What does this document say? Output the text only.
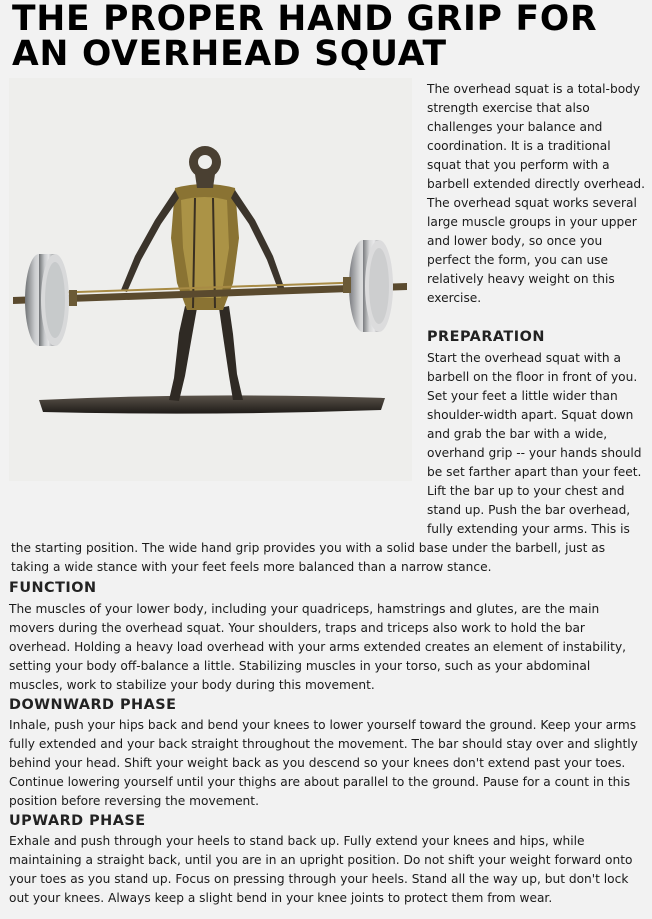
THE PROPER HAND GRIP FOR AN OVERHEAD SQUAT

The overhead squat is a total-body strength exercise that also challenges your balance and coordination. It is a traditional squat that you perform with a barbell extended directly overhead. The overhead squat works several large muscle groups in your upper and lower body, so once you perfect the form, you can use relatively heavy weight on this exercise.

PREPARATION

Start the overhead squat with a barbell on the floor in front of you. Set your feet a little wider than shoulder-width apart. Squat down and grab the bar with a wide, overhand grip -- your hands should be set farther apart than your feet. Lift the bar up to your chest and stand up. Push the bar overhead, fully extending your arms. This is the starting position. The wide hand grip provides you with a solid base under the barbell, just as taking a wide stance with your feet feels more balanced than a narrow stance.

FUNCTION

The muscles of your lower body, including your quadriceps, hamstrings and glutes, are the main movers during the overhead squat. Your shoulders, traps and triceps also work to hold the bar overhead. Holding a heavy load overhead with your arms extended creates an element of instability, setting your body off-balance a little. Stabilizing muscles in your torso, such as your abdominal muscles, work to stabilize your body during this movement.

DOWNWARD PHASE

Inhale, push your hips back and bend your knees to lower yourself toward the ground. Keep your arms fully extended and your back straight throughout the movement. The bar should stay over and slightly behind your head. Shift your weight back as you descend so your knees don't extend past your toes. Continue lowering yourself until your thighs are about parallel to the ground. Pause for a count in this position before reversing the movement.

UPWARD PHASE

Exhale and push through your heels to stand back up. Fully extend your knees and hips, while maintaining a straight back, until you are in an upright position. Do not shift your weight forward onto your toes as you stand up. Focus on pressing through your heels. Stand all the way up, but don't lock out your knees. Always keep a slight bend in your knee joints to protect them from wear.
